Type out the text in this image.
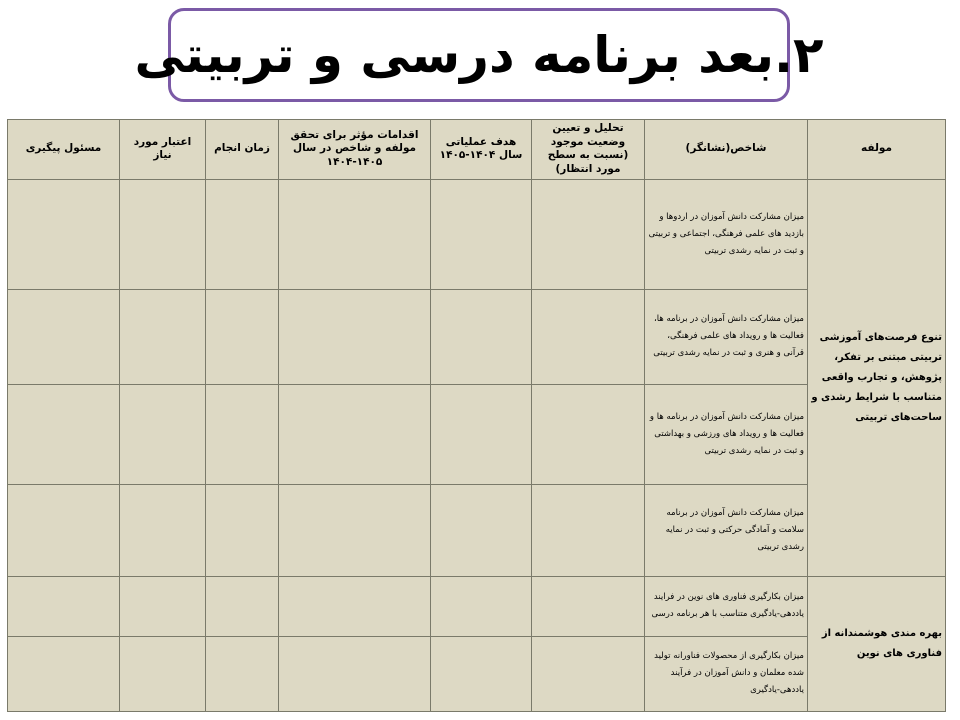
۲.بعد برنامه درسی و تربیتی
مولفه	شاخص(نشانگر)	تحلیل و تعیین وضعیت موجود (نسبت به سطح مورد انتظار)	هدف عملیاتی سال ۱۴۰۴-۱۴۰۵	اقدامات مؤثر برای تحقق مولفه و شاخص در سال ۱۴۰۵-۱۴۰۴	زمان انجام	اعتبار مورد نیاز	مسئول پیگیری
تنوع فرصت‌های آموزشی تربیتی مبتنی بر تفکر، پژوهش، و تجارب واقعی متناسب با شرایط رشدی و ساحت‌های تربیتی	میزان مشارکت دانش آموزان در اردوها و بازدید های علمی فرهنگی، اجتماعی و تربیتی و ثبت در نمایه رشدی تربیتی						
	میزان مشارکت دانش آموزان در برنامه ها، فعالیت ها و رویداد های علمی فرهنگی، قرآنی و هنری و ثبت در نمایه رشدی تربیتی						
	میزان مشارکت دانش آموزان در برنامه ها و فعالیت ها و رویداد های ورزشی و بهداشتی و ثبت در نمایه رشدی تربیتی						
	میزان مشارکت دانش آموزان در برنامه سلامت و آمادگی حرکتی و ثبت در نمایه رشدی تربیتی						
بهره مندی هوشمندانه از فناوری های نوین	میزان بکارگیری فناوری های نوین در فرایند یاددهی-یادگیری متناسب با هر برنامه درسی						
	میزان بکارگیری از محصولات فناورانه تولید شده معلمان و دانش آموزان در فرآیند یاددهی-یادگیری						
